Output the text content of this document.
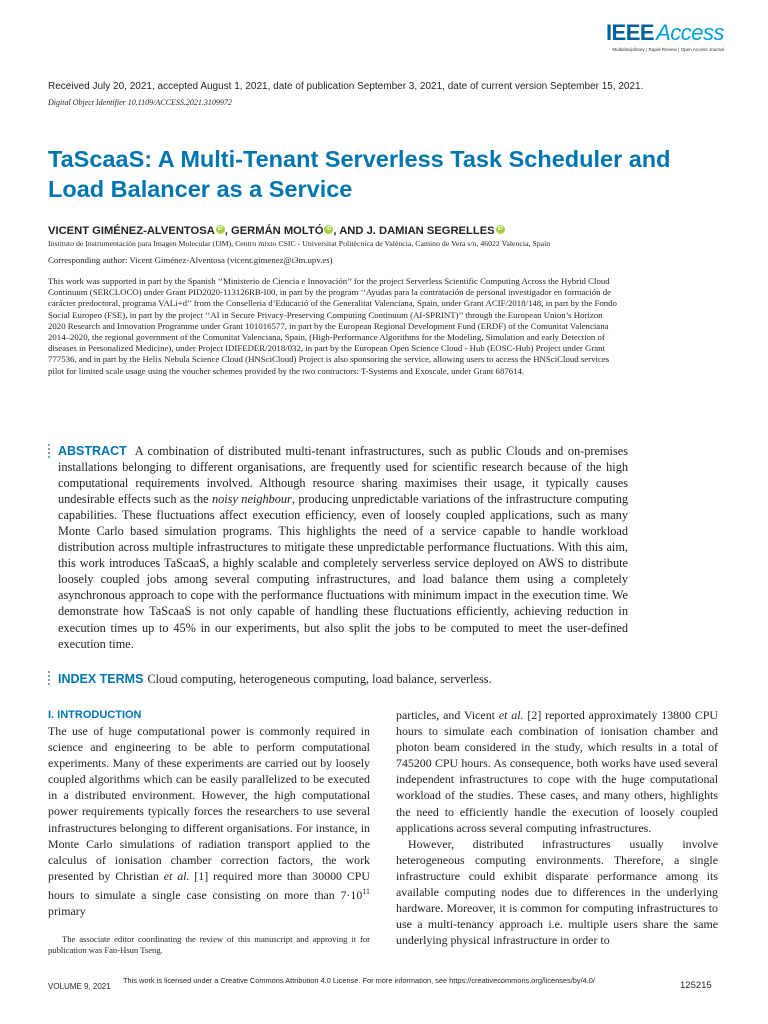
IEEEAccess
Multidisciplinary | Rapid Review | Open Access Journal
Received July 20, 2021, accepted August 1, 2021, date of publication September 3, 2021, date of current version September 15, 2021.
Digital Object Identifier 10.1109/ACCESS.2021.3109972
TaScaaS: A Multi-Tenant Serverless Task Scheduler and Load Balancer as a Service
VICENT GIMÉNEZ-ALVENTOSA iD , GERMÁN MOLTÓ iD , AND J. DAMIAN SEGRELLES iD
Instituto de Instrumentación para Imagen Molecular (I3M), Centro mixto CSIC - Universitat Politècnica de València, Camino de Vera s/n, 46022 Valencia, Spain
Corresponding author: Vicent Giménez-Alventosa (vicent.gimenez@i3m.upv.es)

This work was supported in part by the Spanish ‘‘Ministerio de Ciencia e Innovación’’ for the project Serverless Scientific Computing Across the Hybrid Cloud Continuum (SERCLOCO) under Grant PID2020-113126RB-I00, in part by the program ‘‘Ayudas para la contratación de personal investigador en formación de carácter predoctoral, programa VALi+d’’ from the Conselleria d’Educació of the Generalitat Valenciana, Spain, under Grant ACIF/2018/148, in part by the Fondo Social Europeo (FSE), in part by the project ‘‘AI in Secure Privacy-Preserving Computing Continuum (AI-SPRINT)’’ through the European Union’s Horizon 2020 Research and Innovation Programme under Grant 101016577, in part by the European Regional Development Fund (ERDF) of the Comunitat Valenciana 2014–2020, the regional government of the Comunitat Valenciana, Spain, (High-Performance Algorithms for the Modeling, Simulation and early Detection of diseases in Personalized Medicine), under Project IDIFEDER/2018/032, in part by the European Open Science Cloud - Hub (EOSC-Hub) Project under Grant 777536, and in part by the Helix Nebula Science Cloud (HNSciCloud) Project is also sponsoring the service, allowing users to access the HNSciCloud services pilot for limited scale usage using the voucher schemes provided by the two contractors: T-Systems and Exoscale, under Grant 687614.

ABSTRACT A combination of distributed multi-tenant infrastructures, such as public Clouds and on-premises installations belonging to different organisations, are frequently used for scientific research because of the high computational requirements involved. Although resource sharing maximises their usage, it typically causes undesirable effects such as the noisy neighbour, producing unpredictable variations of the infrastructure computing capabilities. These fluctuations affect execution efficiency, even of loosely coupled applications, such as many Monte Carlo based simulation programs. This highlights the need of a service capable to handle workload distribution across multiple infrastructures to mitigate these unpredictable performance fluctuations. With this aim, this work introduces TaScaaS, a highly scalable and completely serverless service deployed on AWS to distribute loosely coupled jobs among several computing infrastructures, and load balance them using a completely asynchronous approach to cope with the performance fluctuations with minimum impact in the execution time. We demonstrate how TaScaaS is not only capable of handling these fluctuations efficiently, achieving reduction in execution times up to 45% in our experiments, but also split the jobs to be computed to meet the user-defined execution time.

INDEX TERMS Cloud computing, heterogeneous computing, load balance, serverless.

I. INTRODUCTION

The use of huge computational power is commonly required in science and engineering to be able to perform computational experiments. Many of these experiments are carried out by loosely coupled algorithms which can be easily parallelized to be executed in a distributed environment. However, the high computational power requirements typically forces the researchers to use several infrastructures belonging to different organisations. For instance, in Monte Carlo simulations of radiation transport applied to the calculus of ionisation chamber correction factors, the work presented by Christian et al. [1] required more than 30000 CPU hours to simulate a single case consisting on more than $7\cdot 10^{11}$ primary

The associate editor coordinating the review of this manuscript and approving it for publication was Fan-Hsun Tseng.

particles, and Vicent et al. [2] reported approximately 13800 CPU hours to simulate each combination of ionisation chamber and photon beam considered in the study, which results in a total of 745200 CPU hours. As consequence, both works have used several independent infrastructures to cope with the huge computational workload of the studies. These cases, and many others, highlights the need to efficiently handle the execution of loosely coupled applications across several computing infrastructures.

However, distributed infrastructures usually involve heterogeneous computing environments. Therefore, a single infrastructure could exhibit disparate performance among its available computing nodes due to differences in the underlying hardware. Moreover, it is common for computing infrastructures to use a multi-tenancy approach i.e. multiple users share the same underlying physical infrastructure in order to

VOLUME 9, 2021
This work is licensed under a Creative Commons Attribution 4.0 License. For more information, see https://creativecommons.org/licenses/by/4.0/	125215
